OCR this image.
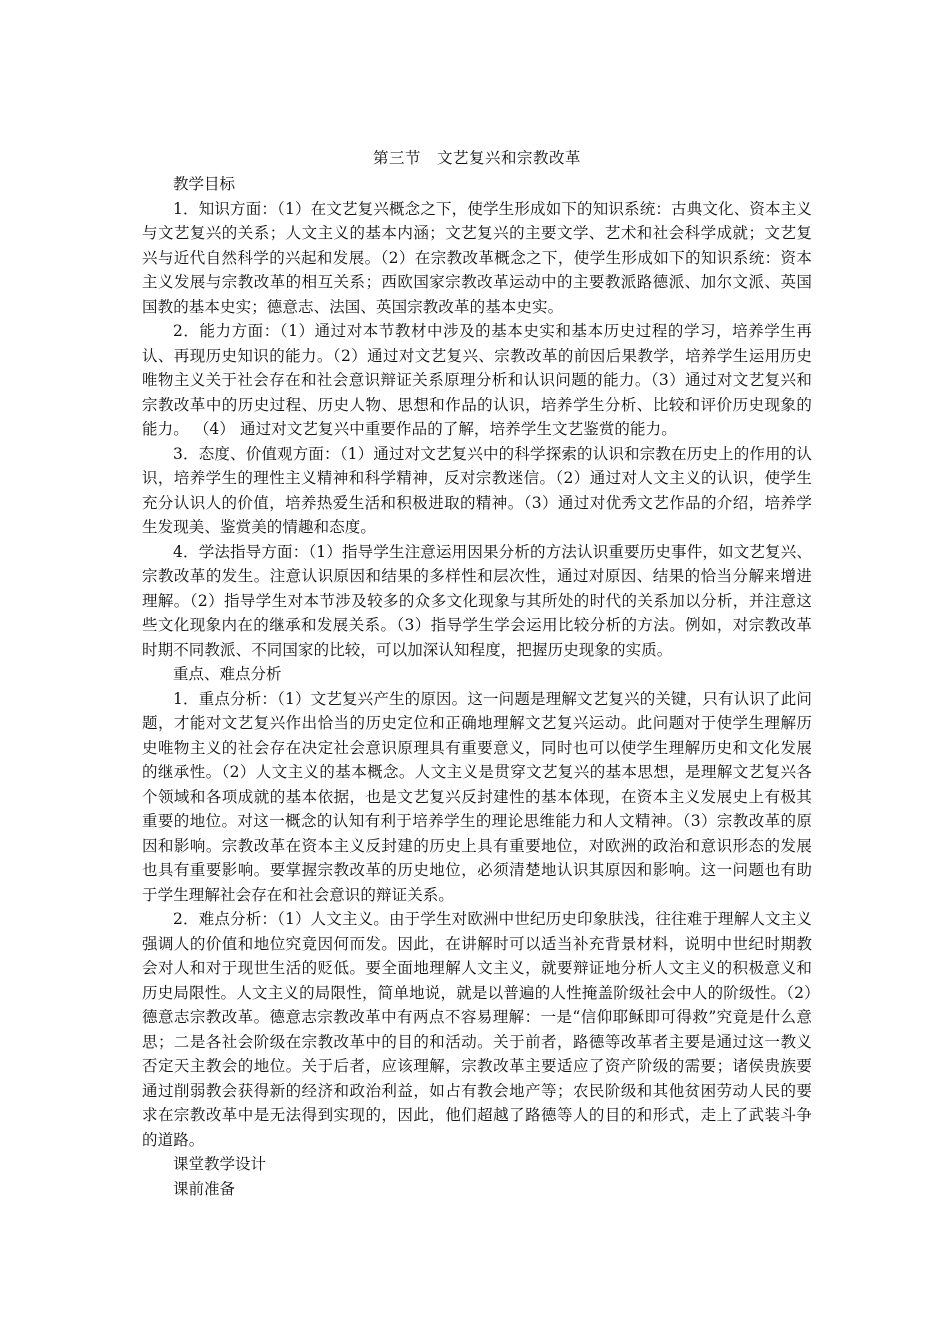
第三节　文艺复兴和宗教改革

教学目标

1．知识方面：（1）在文艺复兴概念之下，使学生形成如下的知识系统：古典文化、资本主义与文艺复兴的关系；人文主义的基本内涵；文艺复兴的主要文学、艺术和社会科学成就；文艺复兴与近代自然科学的兴起和发展。（2）在宗教改革概念之下，使学生形成如下的知识系统：资本主义发展与宗教改革的相互关系；西欧国家宗教改革运动中的主要教派路德派、加尔文派、英国国教的基本史实；德意志、法国、英国宗教改革的基本史实。

2．能力方面：（1）通过对本节教材中涉及的基本史实和基本历史过程的学习，培养学生再认、再现历史知识的能力。（2）通过对文艺复兴、宗教改革的前因后果教学，培养学生运用历史唯物主义关于社会存在和社会意识辩证关系原理分析和认识问题的能力。（3）通过对文艺复兴和宗教改革中的历史过程、历史人物、思想和作品的认识，培养学生分析、比较和评价历史现象的能力。 （4） 通过对文艺复兴中重要作品的了解，培养学生文艺鉴赏的能力。

3．态度、价值观方面：（1）通过对文艺复兴中的科学探索的认识和宗教在历史上的作用的认识，培养学生的理性主义精神和科学精神，反对宗教迷信。（2）通过对人文主义的认识，使学生充分认识人的价值，培养热爱生活和积极进取的精神。（3）通过对优秀文艺作品的介绍，培养学生发现美、鉴赏美的情趣和态度。

4．学法指导方面：（1）指导学生注意运用因果分析的方法认识重要历史事件，如文艺复兴、宗教改革的发生。注意认识原因和结果的多样性和层次性，通过对原因、结果的恰当分解来增进理解。（2）指导学生对本节涉及较多的众多文化现象与其所处的时代的关系加以分析，并注意这些文化现象内在的继承和发展关系。（3）指导学生学会运用比较分析的方法。例如，对宗教改革时期不同教派、不同国家的比较，可以加深认知程度，把握历史现象的实质。

重点、难点分析

1．重点分析：（1）文艺复兴产生的原因。这一问题是理解文艺复兴的关键，只有认识了此问题，才能对文艺复兴作出恰当的历史定位和正确地理解文艺复兴运动。此问题对于使学生理解历史唯物主义的社会存在决定社会意识原理具有重要意义，同时也可以使学生理解历史和文化发展的继承性。（2）人文主义的基本概念。人文主义是贯穿文艺复兴的基本思想，是理解文艺复兴各个领域和各项成就的基本依据，也是文艺复兴反封建性的基本体现，在资本主义发展史上有极其重要的地位。对这一概念的认知有利于培养学生的理论思维能力和人文精神。（3）宗教改革的原因和影响。宗教改革在资本主义反封建的历史上具有重要地位，对欧洲的政治和意识形态的发展也具有重要影响。要掌握宗教改革的历史地位，必须清楚地认识其原因和影响。这一问题也有助于学生理解社会存在和社会意识的辩证关系。

2．难点分析：（1）人文主义。由于学生对欧洲中世纪历史印象肤浅，往往难于理解人文主义强调人的价值和地位究竟因何而发。因此，在讲解时可以适当补充背景材料，说明中世纪时期教会对人和对于现世生活的贬低。要全面地理解人文主义，就要辩证地分析人文主义的积极意义和历史局限性。人文主义的局限性，简单地说，就是以普遍的人性掩盖阶级社会中人的阶级性。（2）德意志宗教改革。德意志宗教改革中有两点不容易理解：一是“信仰耶稣即可得救”究竟是什么意思；二是各社会阶级在宗教改革中的目的和活动。关于前者，路德等改革者主要是通过这一教义否定天主教会的地位。关于后者，应该理解，宗教改革主要适应了资产阶级的需要；诸侯贵族要通过削弱教会获得新的经济和政治利益，如占有教会地产等；农民阶级和其他贫困劳动人民的要求在宗教改革中是无法得到实现的，因此，他们超越了路德等人的目的和形式，走上了武装斗争的道路。

课堂教学设计

课前准备
